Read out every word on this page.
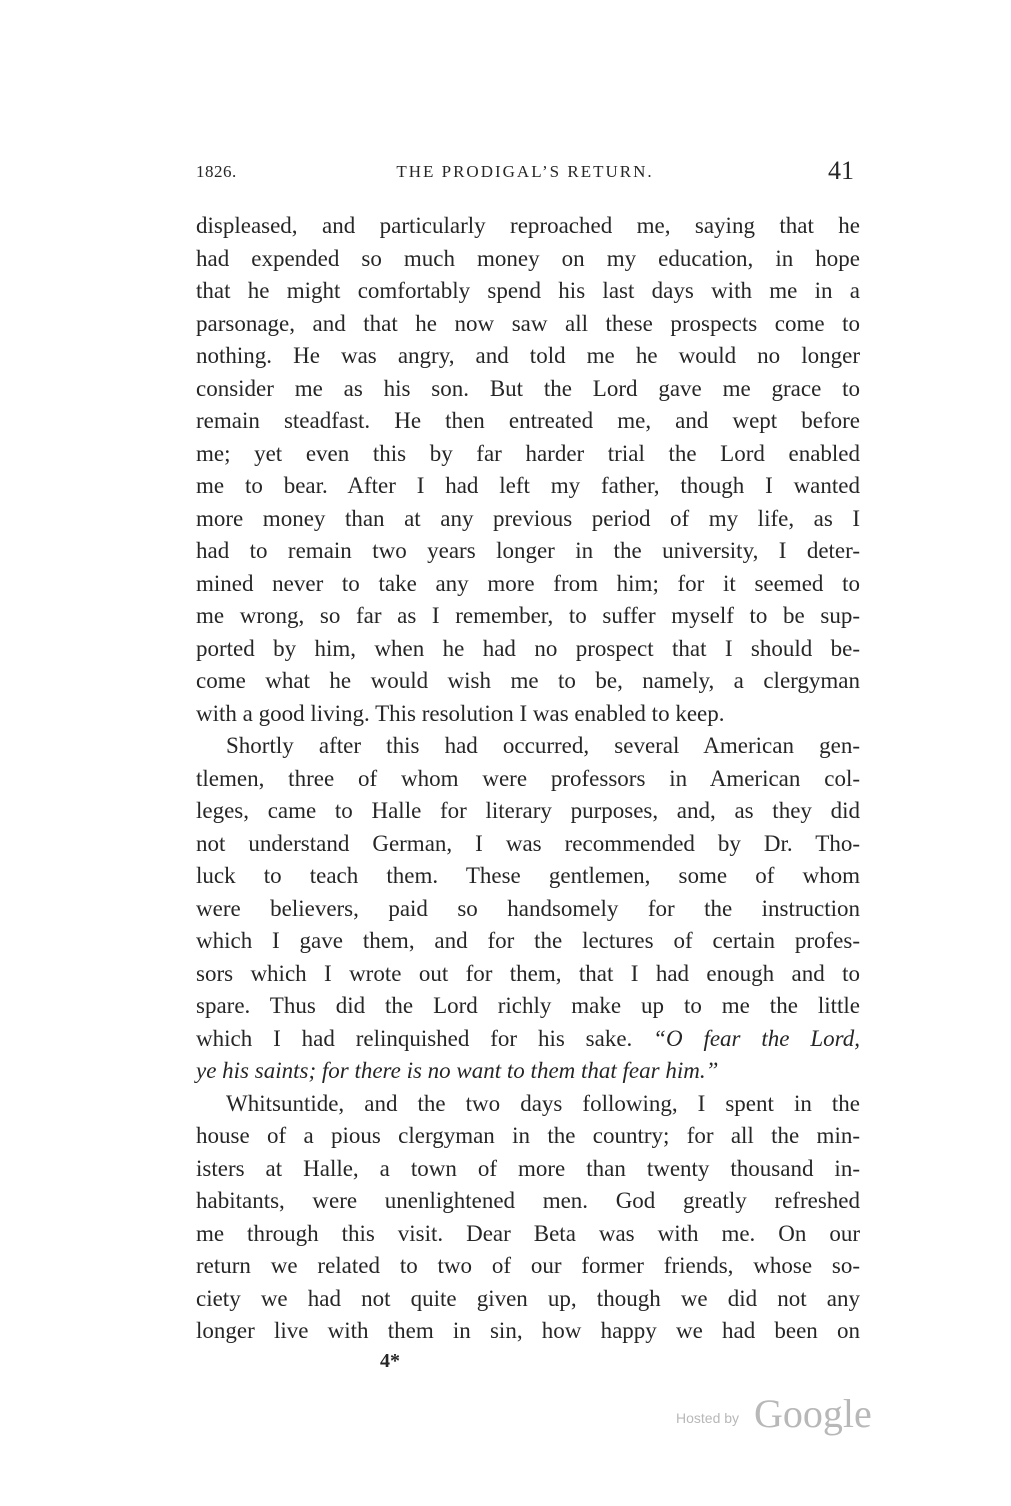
1826.	THE PRODIGAL’S RETURN.	41
displeased, and particularly reproached me, saying that he
had expended so much money on my education, in hope
that he might comfortably spend his last days with me in a
parsonage, and that he now saw all these prospects come to
nothing. He was angry, and told me he would no longer
consider me as his son. But the Lord gave me grace to
remain steadfast. He then entreated me, and wept before
me; yet even this by far harder trial the Lord enabled
me to bear. After I had left my father, though I wanted
more money than at any previous period of my life, as I
had to remain two years longer in the university, I deter-
mined never to take any more from him; for it seemed to
me wrong, so far as I remember, to suffer myself to be sup-
ported by him, when he had no prospect that I should be-
come what he would wish me to be, namely, a clergyman
with a good living. This resolution I was enabled to keep.
Shortly after this had occurred, several American gen-
tlemen, three of whom were professors in American col-
leges, came to Halle for literary purposes, and, as they did
not understand German, I was recommended by Dr. Tho-
luck to teach them. These gentlemen, some of whom
were believers, paid so handsomely for the instruction
which I gave them, and for the lectures of certain profes-
sors which I wrote out for them, that I had enough and to
spare. Thus did the Lord richly make up to me the little
which I had relinquished for his sake. “O fear the Lord,
ye his saints; for there is no want to them that fear him.”
Whitsuntide, and the two days following, I spent in the
house of a pious clergyman in the country; for all the min-
isters at Halle, a town of more than twenty thousand in-
habitants, were unenlightened men. God greatly refreshed
me through this visit. Dear Beta was with me. On our
return we related to two of our former friends, whose so-
ciety we had not quite given up, though we did not any
longer live with them in sin, how happy we had been on
4*
Hosted by Google
